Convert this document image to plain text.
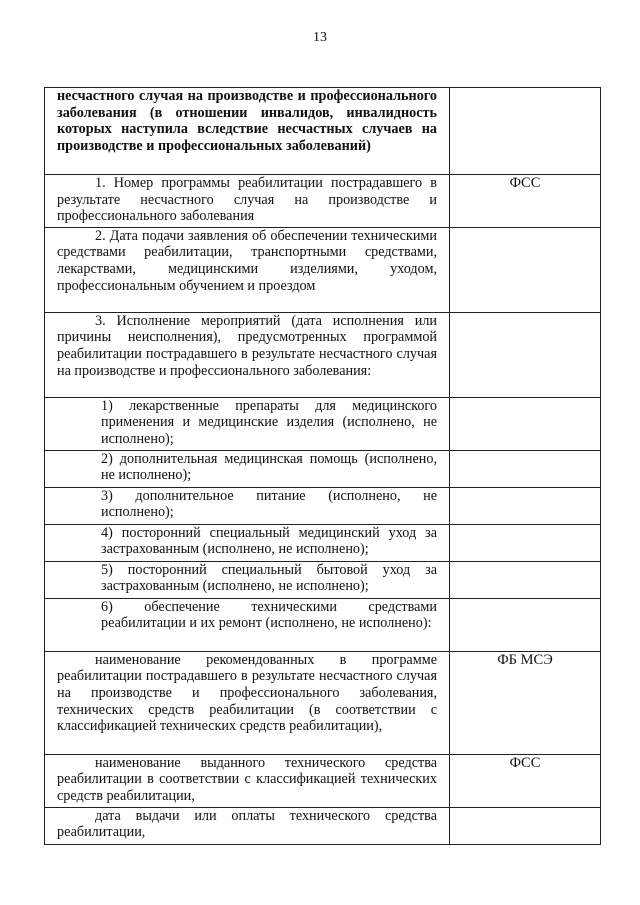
13
несчастного случая на производстве и профессионального заболевания (в отношении инвалидов, инвалидность которых наступила вследствие несчастных случаев на производстве и профессиональных заболеваний)	
1. Номер программы реабилитации пострадавшего в результате несчастного случая на производстве и профессионального заболевания	ФСС
2. Дата подачи заявления об обеспечении техническими средствами реабилитации, транспортными средствами, лекарствами, медицинскими изделиями, уходом, профессиональным обучением и проездом	
3. Исполнение мероприятий (дата исполнения или причины неисполнения), предусмотренных программой реабилитации пострадавшего в результате несчастного случая на производстве и профессионального заболевания:	
1) лекарственные препараты для медицинского применения и медицинские изделия (исполнено, не исполнено);	
2) дополнительная медицинская помощь (исполнено, не исполнено);	
3) дополнительное питание (исполнено, не исполнено);	
4) посторонний специальный медицинский уход за застрахованным (исполнено, не исполнено);	
5) посторонний специальный бытовой уход за застрахованным (исполнено, не исполнено);	
6) обеспечение техническими средствами реабилитации и их ремонт (исполнено, не исполнено):	
наименование рекомендованных в программе реабилитации пострадавшего в результате несчастного случая на производстве и профессионального заболевания, технических средств реабилитации (в соответствии с классификацией технических средств реабилитации),	ФБ МСЭ
наименование выданного технического средства реабилитации в соответствии с классификацией технических средств реабилитации,	ФСС
дата выдачи или оплаты технического средства реабилитации,	
